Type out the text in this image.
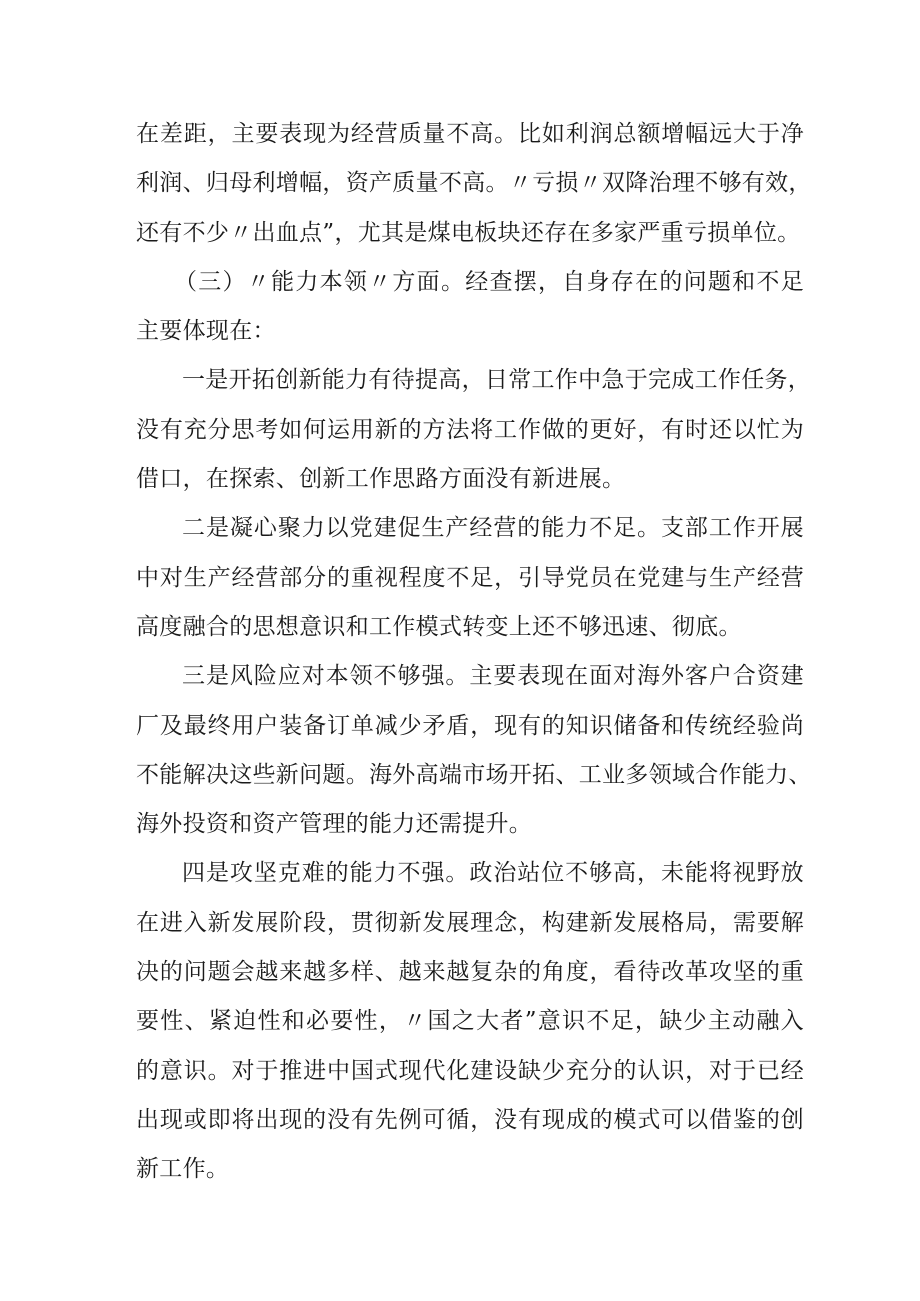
在差距，主要表现为经营质量不高。比如利润总额增幅远大于净
利润、归母利增幅，资产质量不高。〃亏损〃双降治理不够有效，
还有不少〃出血点”，尤其是煤电板块还存在多家严重亏损单位。
（三）〃能力本领〃方面。经查摆，自身存在的问题和不足
主要体现在：
一是开拓创新能力有待提高，日常工作中急于完成工作任务，
没有充分思考如何运用新的方法将工作做的更好，有时还以忙为
借口，在探索、创新工作思路方面没有新进展。
二是凝心聚力以党建促生产经营的能力不足。支部工作开展
中对生产经营部分的重视程度不足，引导党员在党建与生产经营
高度融合的思想意识和工作模式转变上还不够迅速、彻底。
三是风险应对本领不够强。主要表现在面对海外客户合资建
厂及最终用户装备订单减少矛盾，现有的知识储备和传统经验尚
不能解决这些新问题。海外高端市场开拓、工业多领域合作能力、
海外投资和资产管理的能力还需提升。
四是攻坚克难的能力不强。政治站位不够高，未能将视野放
在进入新发展阶段，贯彻新发展理念，构建新发展格局，需要解
决的问题会越来越多样、越来越复杂的角度，看待改革攻坚的重
要性、紧迫性和必要性，〃国之大者”意识不足，缺少主动融入
的意识。对于推进中国式现代化建设缺少充分的认识，对于已经
出现或即将出现的没有先例可循，没有现成的模式可以借鉴的创
新工作。
